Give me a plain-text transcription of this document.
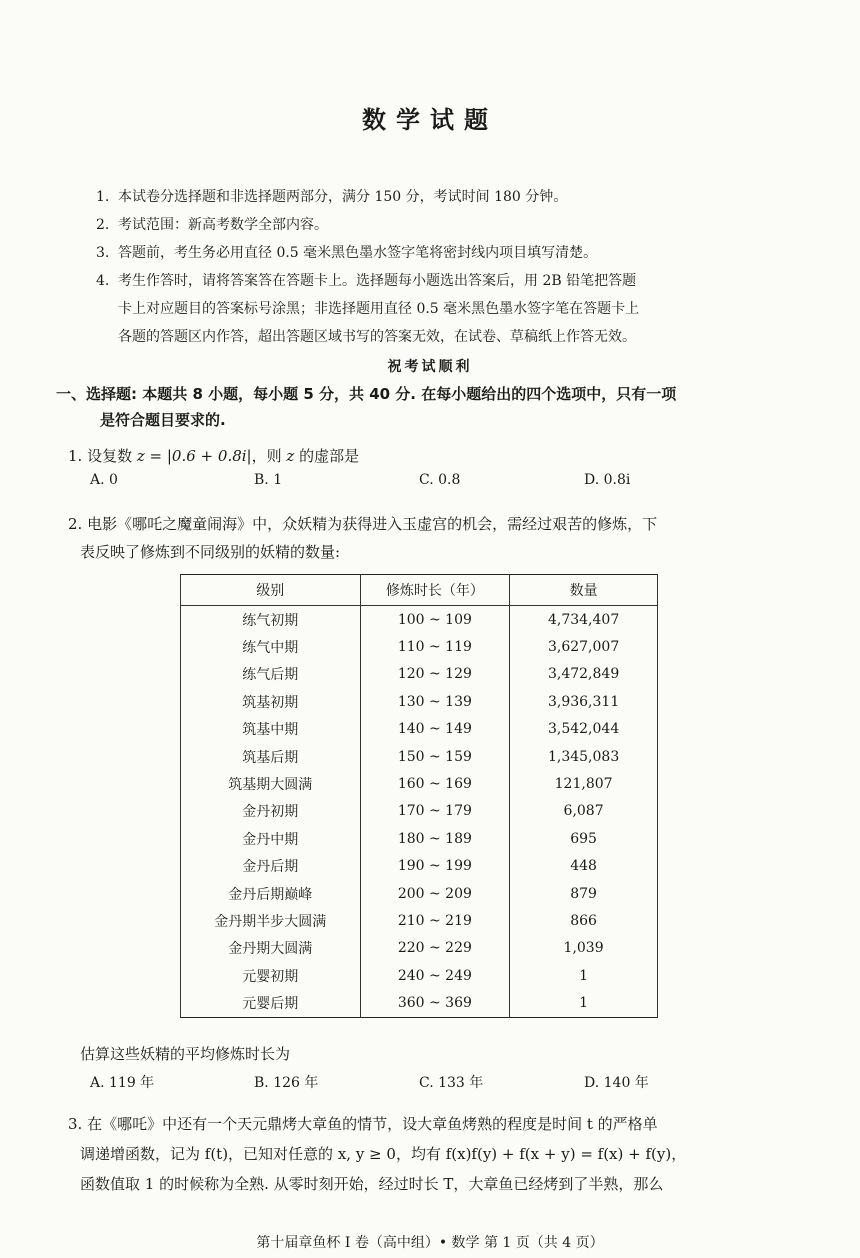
数学试题
1. 本试卷分选择题和非选择题两部分，满分 150 分，考试时间 180 分钟。
2. 考试范围：新高考数学全部内容。
3. 答题前，考生务必用直径 0.5 毫米黑色墨水签字笔将密封线内项目填写清楚。
4. 考生作答时，请将答案答在答题卡上。选择题每小题选出答案后，用 2B 铅笔把答题
卡上对应题目的答案标号涂黑；非选择题用直径 0.5 毫米黑色墨水签字笔在答题卡上
各题的答题区内作答，超出答题区域书写的答案无效，在试卷、草稿纸上作答无效。
祝考试顺利
一、选择题: 本题共 8 小题，每小题 5 分，共 40 分. 在每小题给出的四个选项中，只有一项
是符合题目要求的.
1. 设复数 z = |0.6 + 0.8i|，则 z 的虚部是
A. 0	B. 1	C. 0.8	D. 0.8i
2. 电影《哪吒之魔童闹海》中，众妖精为获得进入玉虚宫的机会，需经过艰苦的修炼，下
表反映了修炼到不同级别的妖精的数量:
级别	修炼时长（年）	数量
练气初期	100 ~ 109	4,734,407
练气中期	110 ~ 119	3,627,007
练气后期	120 ~ 129	3,472,849
筑基初期	130 ~ 139	3,936,311
筑基中期	140 ~ 149	3,542,044
筑基后期	150 ~ 159	1,345,083
筑基期大圆满	160 ~ 169	121,807
金丹初期	170 ~ 179	6,087
金丹中期	180 ~ 189	695
金丹后期	190 ~ 199	448
金丹后期巅峰	200 ~ 209	879
金丹期半步大圆满	210 ~ 219	866
金丹期大圆满	220 ~ 229	1,039
元婴初期	240 ~ 249	1
元婴后期	360 ~ 369	1
估算这些妖精的平均修炼时长为
A. 119 年	B. 126 年	C. 133 年	D. 140 年
3. 在《哪吒》中还有一个天元鼎烤大章鱼的情节，设大章鱼烤熟的程度是时间 t 的严格单
调递增函数，记为 f(t)，已知对任意的 x, y ≥ 0，均有 f(x)f(y) + f(x + y) = f(x) + f(y)，
函数值取 1 的时候称为全熟. 从零时刻开始，经过时长 T，大章鱼已经烤到了半熟，那么
第十届章鱼杯 I 卷（高中组）• 数学 第 1 页（共 4 页）
